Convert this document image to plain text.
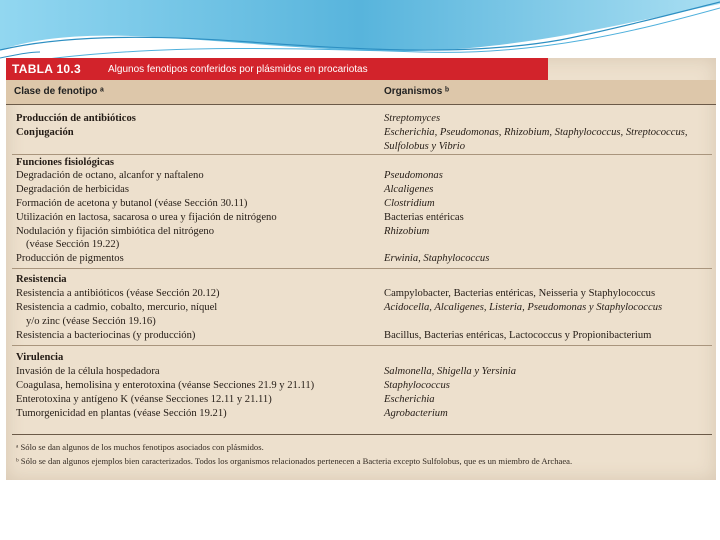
TABLA 10.3	Algunos fenotipos conferidos por plásmidos en procariotas
Clase de fenotipo ᵃ	Organismos ᵇ
Producción de antibióticos	Streptomyces
Conjugación	Escherichia, Pseudomonas, Rhizobium, Staphylococcus, Streptococcus,
Sulfolobus y Vibrio
Funciones fisiológicas
Degradación de octano, alcanfor y naftaleno	Pseudomonas
Degradación de herbicidas	Alcaligenes
Formación de acetona y butanol (véase Sección 30.11)	Clostridium
Utilización en lactosa, sacarosa o urea y fijación de nitrógeno	Bacterias entéricas
Nodulación y fijación simbiótica del nitrógeno	Rhizobium
(véase Sección 19.22)
Producción de pigmentos	Erwinia, Staphylococcus
Resistencia
Resistencia a antibióticos (véase Sección 20.12)	Campylobacter, Bacterias entéricas, Neisseria y Staphylococcus
Resistencia a cadmio, cobalto, mercurio, níquel	Acidocella, Alcaligenes, Listeria, Pseudomonas y Staphylococcus
y/o zinc (véase Sección 19.16)
Resistencia a bacteriocinas (y producción)	Bacillus, Bacterias entéricas, Lactococcus y Propionibacterium
Virulencia
Invasión de la célula hospedadora	Salmonella, Shigella y Yersinia
Coagulasa, hemolisina y enterotoxina (véanse Secciones 21.9 y 21.11)	Staphylococcus
Enterotoxina y antígeno K (véanse Secciones 12.11 y 21.11)	Escherichia
Tumorgenicidad en plantas (véase Sección 19.21)	Agrobacterium
ᵃ Sólo se dan algunos de los muchos fenotipos asociados con plásmidos.
ᵇ Sólo se dan algunos ejemplos bien caracterizados. Todos los organismos relacionados pertenecen a Bacteria excepto Sulfolobus, que es un miembro de Archaea.
